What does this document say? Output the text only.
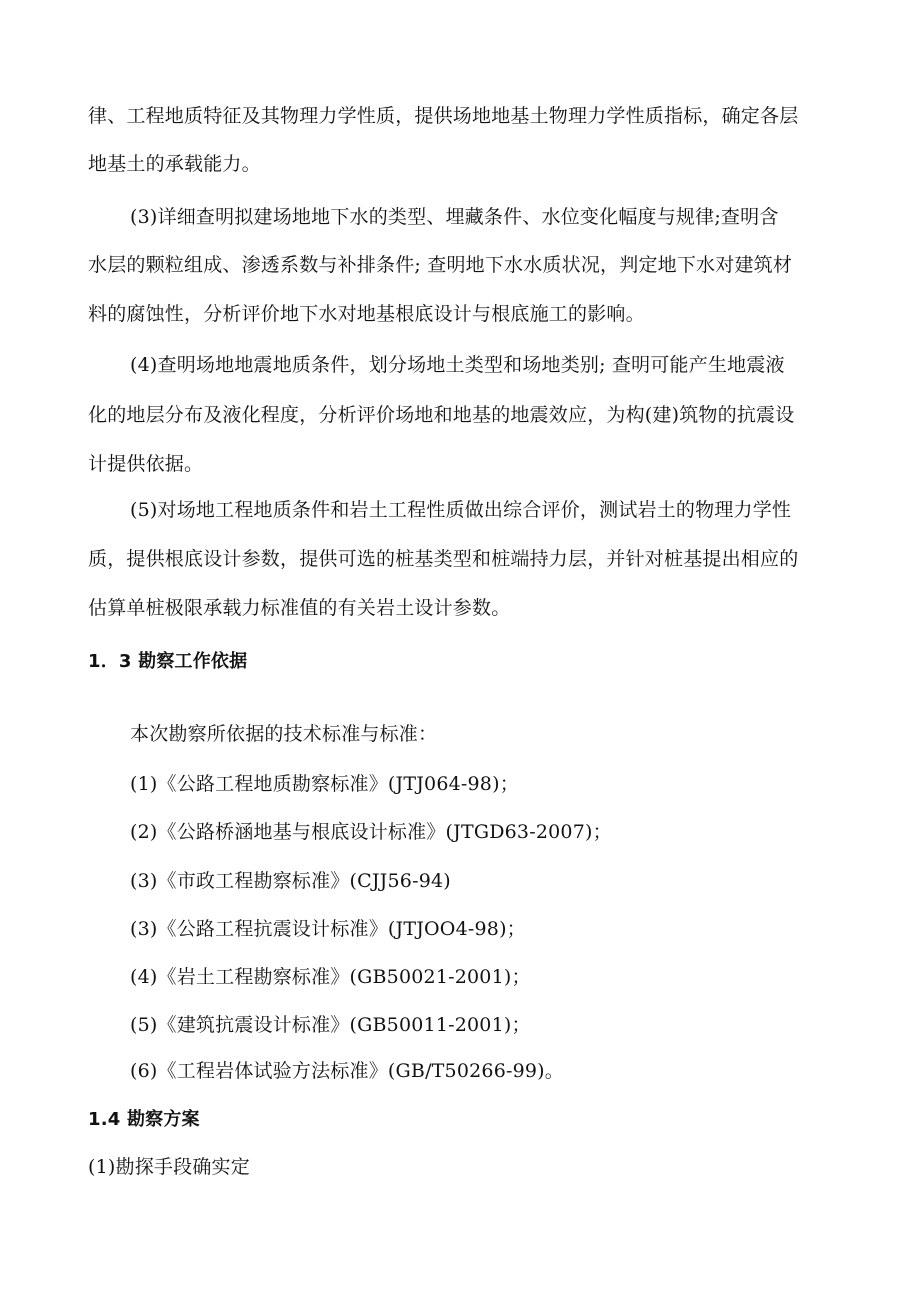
律、工程地质特征及其物理力学性质，提供场地地基土物理力学性质指标，确定各层
地基土的承载能力。
(3)详细查明拟建场地地下水的类型、埋藏条件、水位变化幅度与规律;查明含
水层的颗粒组成、渗透系数与补排条件; 查明地下水水质状况，判定地下水对建筑材
料的腐蚀性，分析评价地下水对地基根底设计与根底施工的影响。
(4)查明场地地震地质条件，划分场地土类型和场地类别; 查明可能产生地震液
化的地层分布及液化程度，分析评价场地和地基的地震效应，为构(建)筑物的抗震设
计提供依据。
(5)对场地工程地质条件和岩土工程性质做出综合评价，测试岩土的物理力学性
质，提供根底设计参数，提供可选的桩基类型和桩端持力层，并针对桩基提出相应的
估算单桩极限承载力标准值的有关岩土设计参数。
1．3 勘察工作依据
本次勘察所依据的技术标准与标准：
(1)《公路工程地质勘察标准》(JTJ064-98)；
(2)《公路桥涵地基与根底设计标准》(JTGD63-2007)；
(3)《市政工程勘察标准》(CJJ56-94)
(3)《公路工程抗震设计标准》(JTJOO4-98)；
(4)《岩土工程勘察标准》(GB50021-2001)；
(5)《建筑抗震设计标准》(GB50011-2001)；
(6)《工程岩体试验方法标准》(GB/T50266-99)。
1.4 勘察方案
(1)勘探手段确实定
